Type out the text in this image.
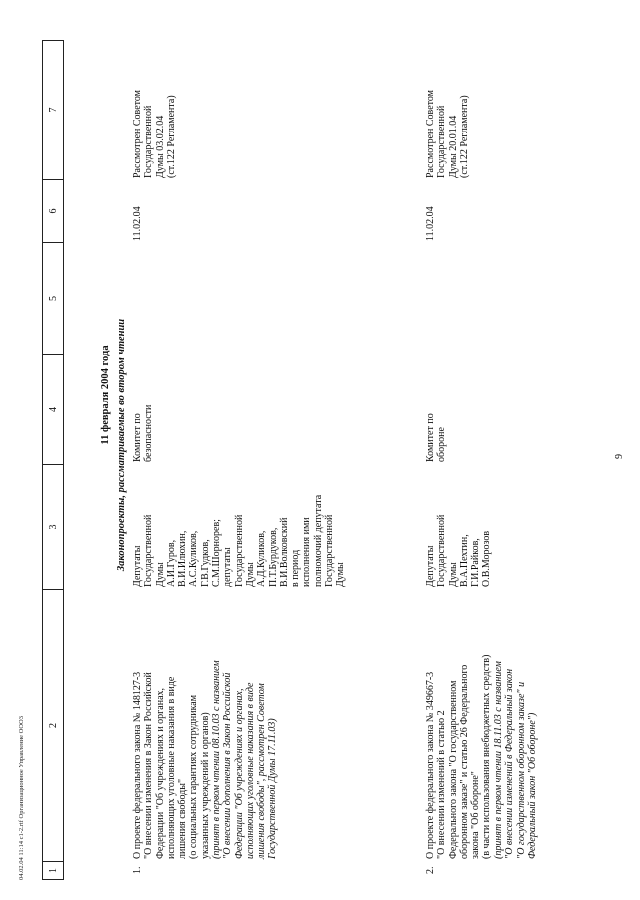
9
04.02.04 11:14 c1-2.rtf Организационное Управление ООО3 1
2
3
4
5
6
7
11 февраля 2004 года Законопроекты, рассматриваемые во втором чтении
1.
О проекте федерального закона № 148127-3
"О внесении изменения в Закон Российской
Федерации "Об учреждениях и органах,
исполняющих уголовные наказания в виде
лишения свободы"
(о социальных гарантиях сотрудникам
указанных учреждений и органов)
(принят в первом чтении 08.10.03 с названием
"О внесении дополнения в Закон Российской
Федерации "Об учреждениях и органах,
исполняющих уголовные наказания в виде
лишения свободы", рассмотрен Советом
Государственной Думы 17.11.03)
Депутаты
Государственной
Думы
А.И.Гуров,
В.И.Илюхин,
А.С.Куликов,
Г.В.Гудков,
С.М.Шорнорев;
депутаты
Государственной
Думы
А.Д.Куликов,
П.Т.Бурдуков,
В.И.Волковский
в период
исполнения ими
полномочий депутата
Государственной
Думы
Комитет по
безопасности
11.02.04
Рассмотрен Советом
Государственной
Думы 03.02.04
(ст.122 Регламента)
2.
О проекте федерального закона № 349667-3
"О внесении изменений в статью 2
Федерального закона "О государственном
оборонном заказе" и статью 26 Федерального
закона "Об обороне"
(в части использования внебюджетных средств)
(принят в первом чтении 18.11.03 с названием
"О внесении изменений в Федеральный закон
"О государственном оборонном заказе" и
Федеральный закон "Об обороне")
Депутаты
Государственной
Думы
В.А.Пехтин,
Г.И.Райков,
О.В.Морозов
Комитет по
обороне
11.02.04
Рассмотрен Советом
Государственной
Думы 20.01.04
(ст.122 Регламента)
